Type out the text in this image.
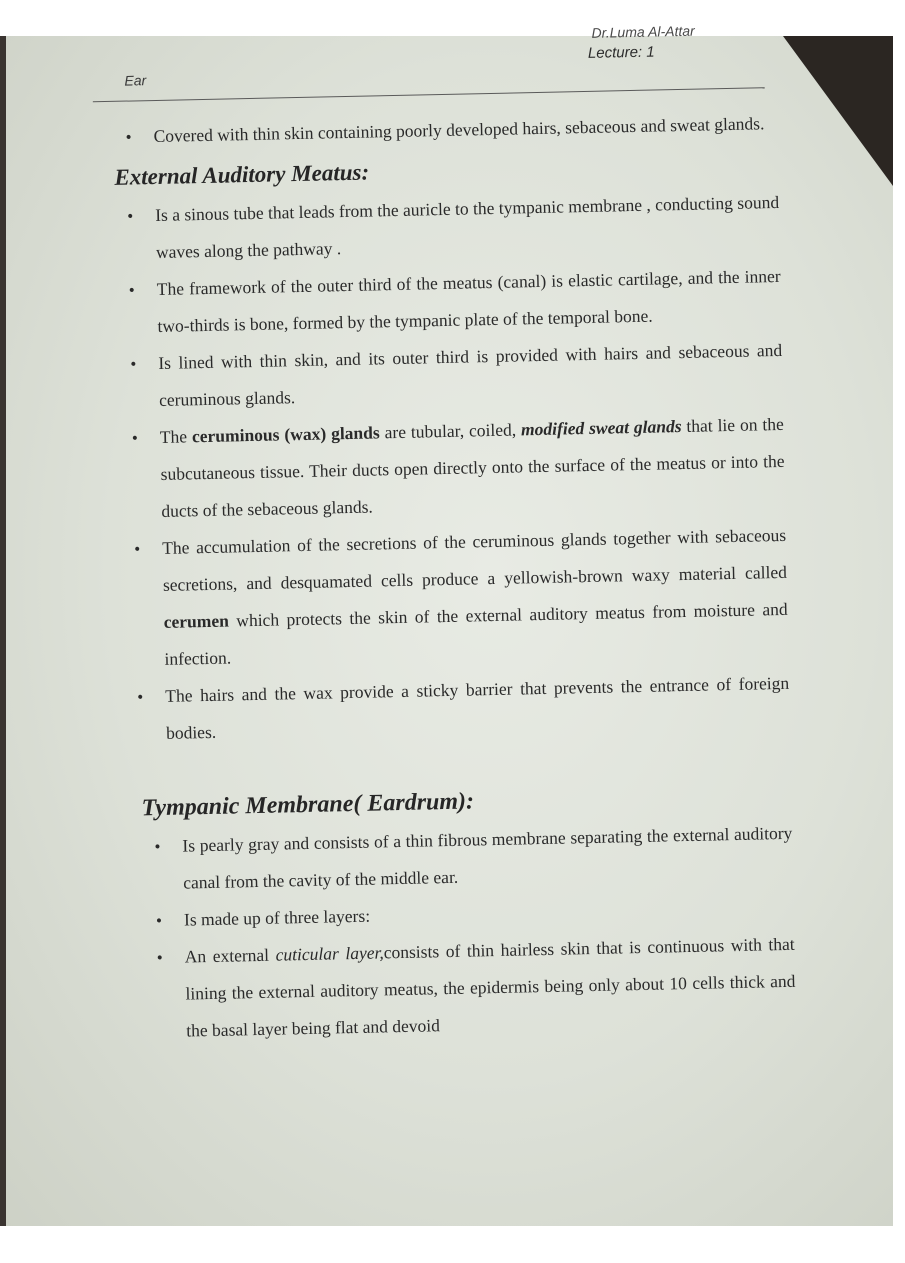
Dr.Luma Al-Attar
Lecture: 1
Ear
• Covered with thin skin containing poorly developed hairs, sebaceous and sweat glands.
External Auditory Meatus:
• Is a sinous tube that leads from the auricle to the tympanic membrane , conducting sound waves along the pathway .
• The framework of the outer third of the meatus (canal) is elastic cartilage, and the inner two-thirds is bone, formed by the tympanic plate of the temporal bone.
• Is lined with thin skin, and its outer third is provided with hairs and sebaceous and ceruminous glands.
• The ceruminous (wax) glands are tubular, coiled, modified sweat glands that lie on the subcutaneous tissue. Their ducts open directly onto the surface of the meatus or into the ducts of the sebaceous glands.
• The accumulation of the secretions of the ceruminous glands together with sebaceous secretions, and desquamated cells produce a yellowish-brown waxy material called cerumen which protects the skin of the external auditory meatus from moisture and infection.
• The hairs and the wax provide a sticky barrier that prevents the entrance of foreign bodies.
Tympanic Membrane( Eardrum):
• Is pearly gray and consists of a thin fibrous membrane separating the external auditory canal from the cavity of the middle ear.
• Is made up of three layers:
• An external cuticular layer,consists of thin hairless skin that is continuous with that lining the external auditory meatus, the epidermis being only about 10 cells thick and the basal layer being flat and devoid
